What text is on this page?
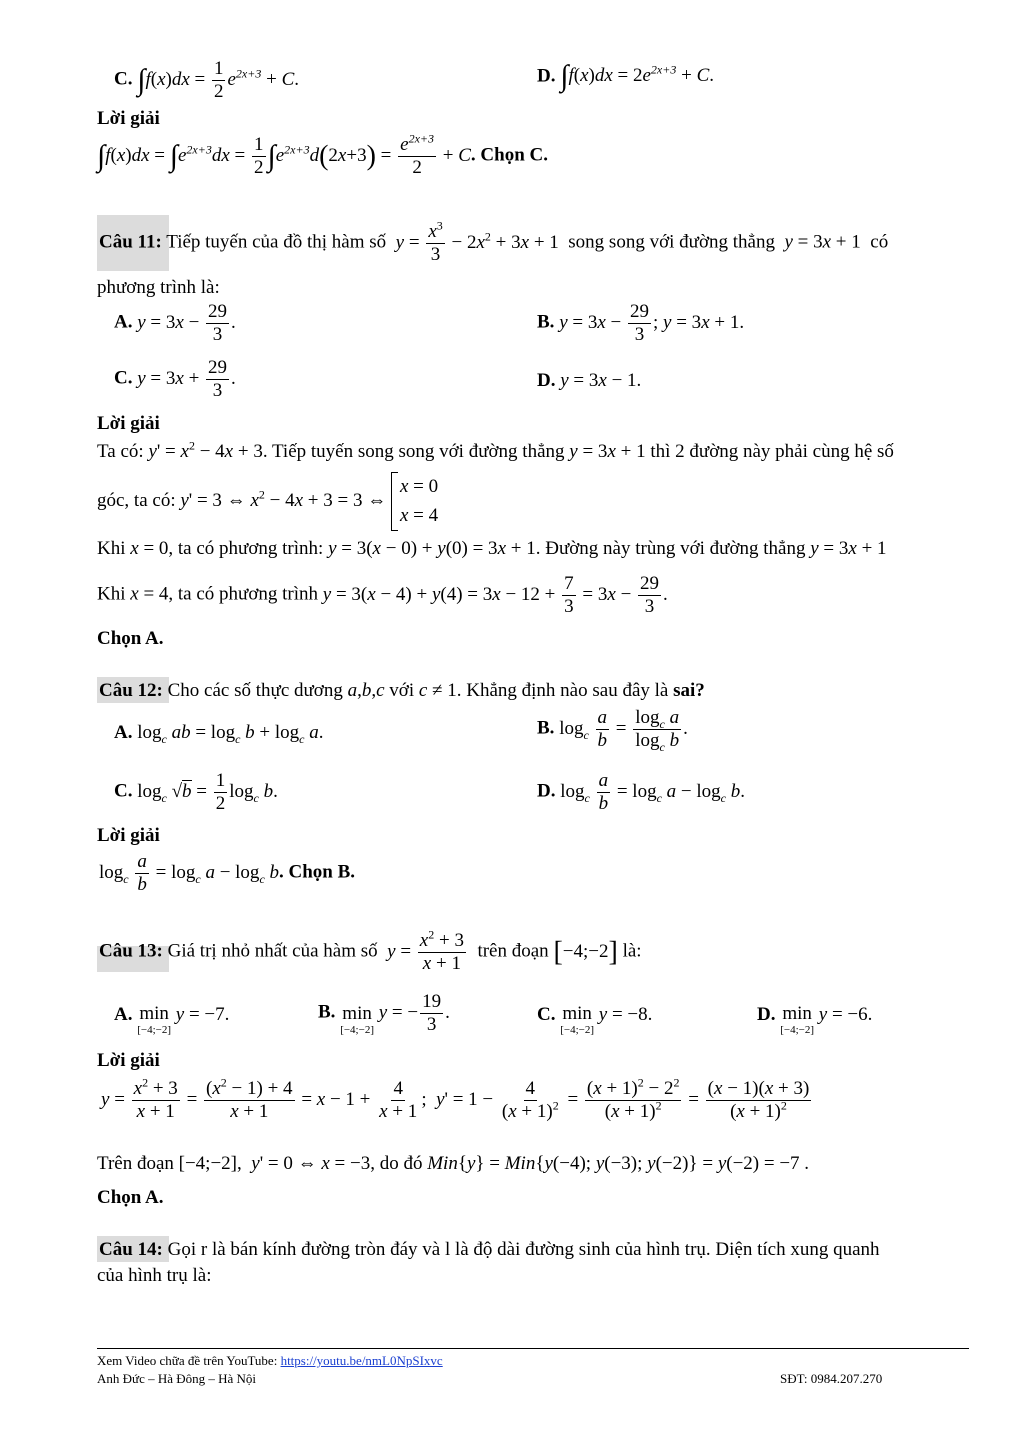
C. $\int f(x)dx = \frac{1}{2} e^{2x+3} + C$.	D. $\int f(x)dx = 2e^{2x+3} + C$.
Lời giải
$\int f(x)dx = \int e^{2x+3}dx = \frac{1}{2} \int e^{2x+3}d(2x+3) = \frac{e^{2x+3}}{2} + C$. Chọn C.
Câu 11: Tiếp tuyến của đồ thị hàm số $y = \frac{x^3}{3} - 2x^2 + 3x + 1$ song song với đường thẳng y = 3x + 1 có
phương trình là:
A. $y = 3x - \frac{29}{3}$ .	B. $y = 3x - \frac{29}{3}$ ; y = 3x + 1.
C. $y = 3x + \frac{29}{3}$ .	D. y = 3x − 1.
Lời giải
Ta có: $y' = x^2 - 4x + 3$. Tiếp tuyến song song với đường thẳng y = 3x + 1 thì 2 đường này phải cùng hệ số
góc, ta có: y' = 3 ⇔ $x^2 - 4x + 3 = 3$ ⇔
x = 0
x = 4
Khi x = 0, ta có phương trình: y = 3(x − 0) + y(0) = 3x + 1. Đường này trùng với đường thẳng y = 3x + 1
Khi x = 4, ta có phương trình $y = 3(x - 4) + y(4) = 3x - 12 + \frac{7}{3} = 3x - \frac{29}{3}$ .
Chọn A.
Câu 12: Cho các số thực dương a,b,c với c ≠ 1. Khẳng định nào sau đây là sai?
A. $\log_c$ ab = $\log_c b + \log_c a$.	B. $\log_c \frac{a}{b} = \frac{\log_c a}{\log_c b}$ .
C. $\log_c √b = \frac{1}{2} \log_c b$.	D. $\log_c \frac{a}{b} = \log_c a - \log_c b$.
Lời giải
$\log_c \frac{a}{b} = \log_c a - \log_c b$. Chọn B.
Câu 13: Giá trị nhỏ nhất của hàm số $y = \frac{x^2 + 3}{x + 1}$ trên đoạn [−4;−2] là:
A. min
[−4;−2]
y = −7.	B. min
[−4;−2]
y = − $\frac{19}{3}$ .	C. min
[−4;−2]
y = −8.	D. min
[−4;−2]
y = −6.
Lời giải
$y = \frac{x^2 + 3}{x + 1} = \frac{(x^2 - 1) + 4}{x + 1} = x - 1 + \frac{4}{x + 1}$ ;  $y' = 1 - \frac{4}{(x + 1)^2} = \frac{(x + 1)^2 - 2^2}{(x + 1)^2} = \frac{(x - 1)(x + 3)}{(x + 1)^2}$
Trên đoạn [−4;−2],  y' = 0 ⇔ x = −3, do đó Min{y} = Min{y(−4); y(−3); y(−2)} = y(−2) = −7 .
Chọn A.
Câu 14: Gọi r là bán kính đường tròn đáy và l là độ dài đường sinh của hình trụ. Diện tích xung quanh
của hình trụ là:
Xem Video chữa đề trên YouTube: https://youtu.be/nmL0NpSIxvc
Anh Đức – Hà Đông – Hà Nội	SĐT: 0984.207.270
